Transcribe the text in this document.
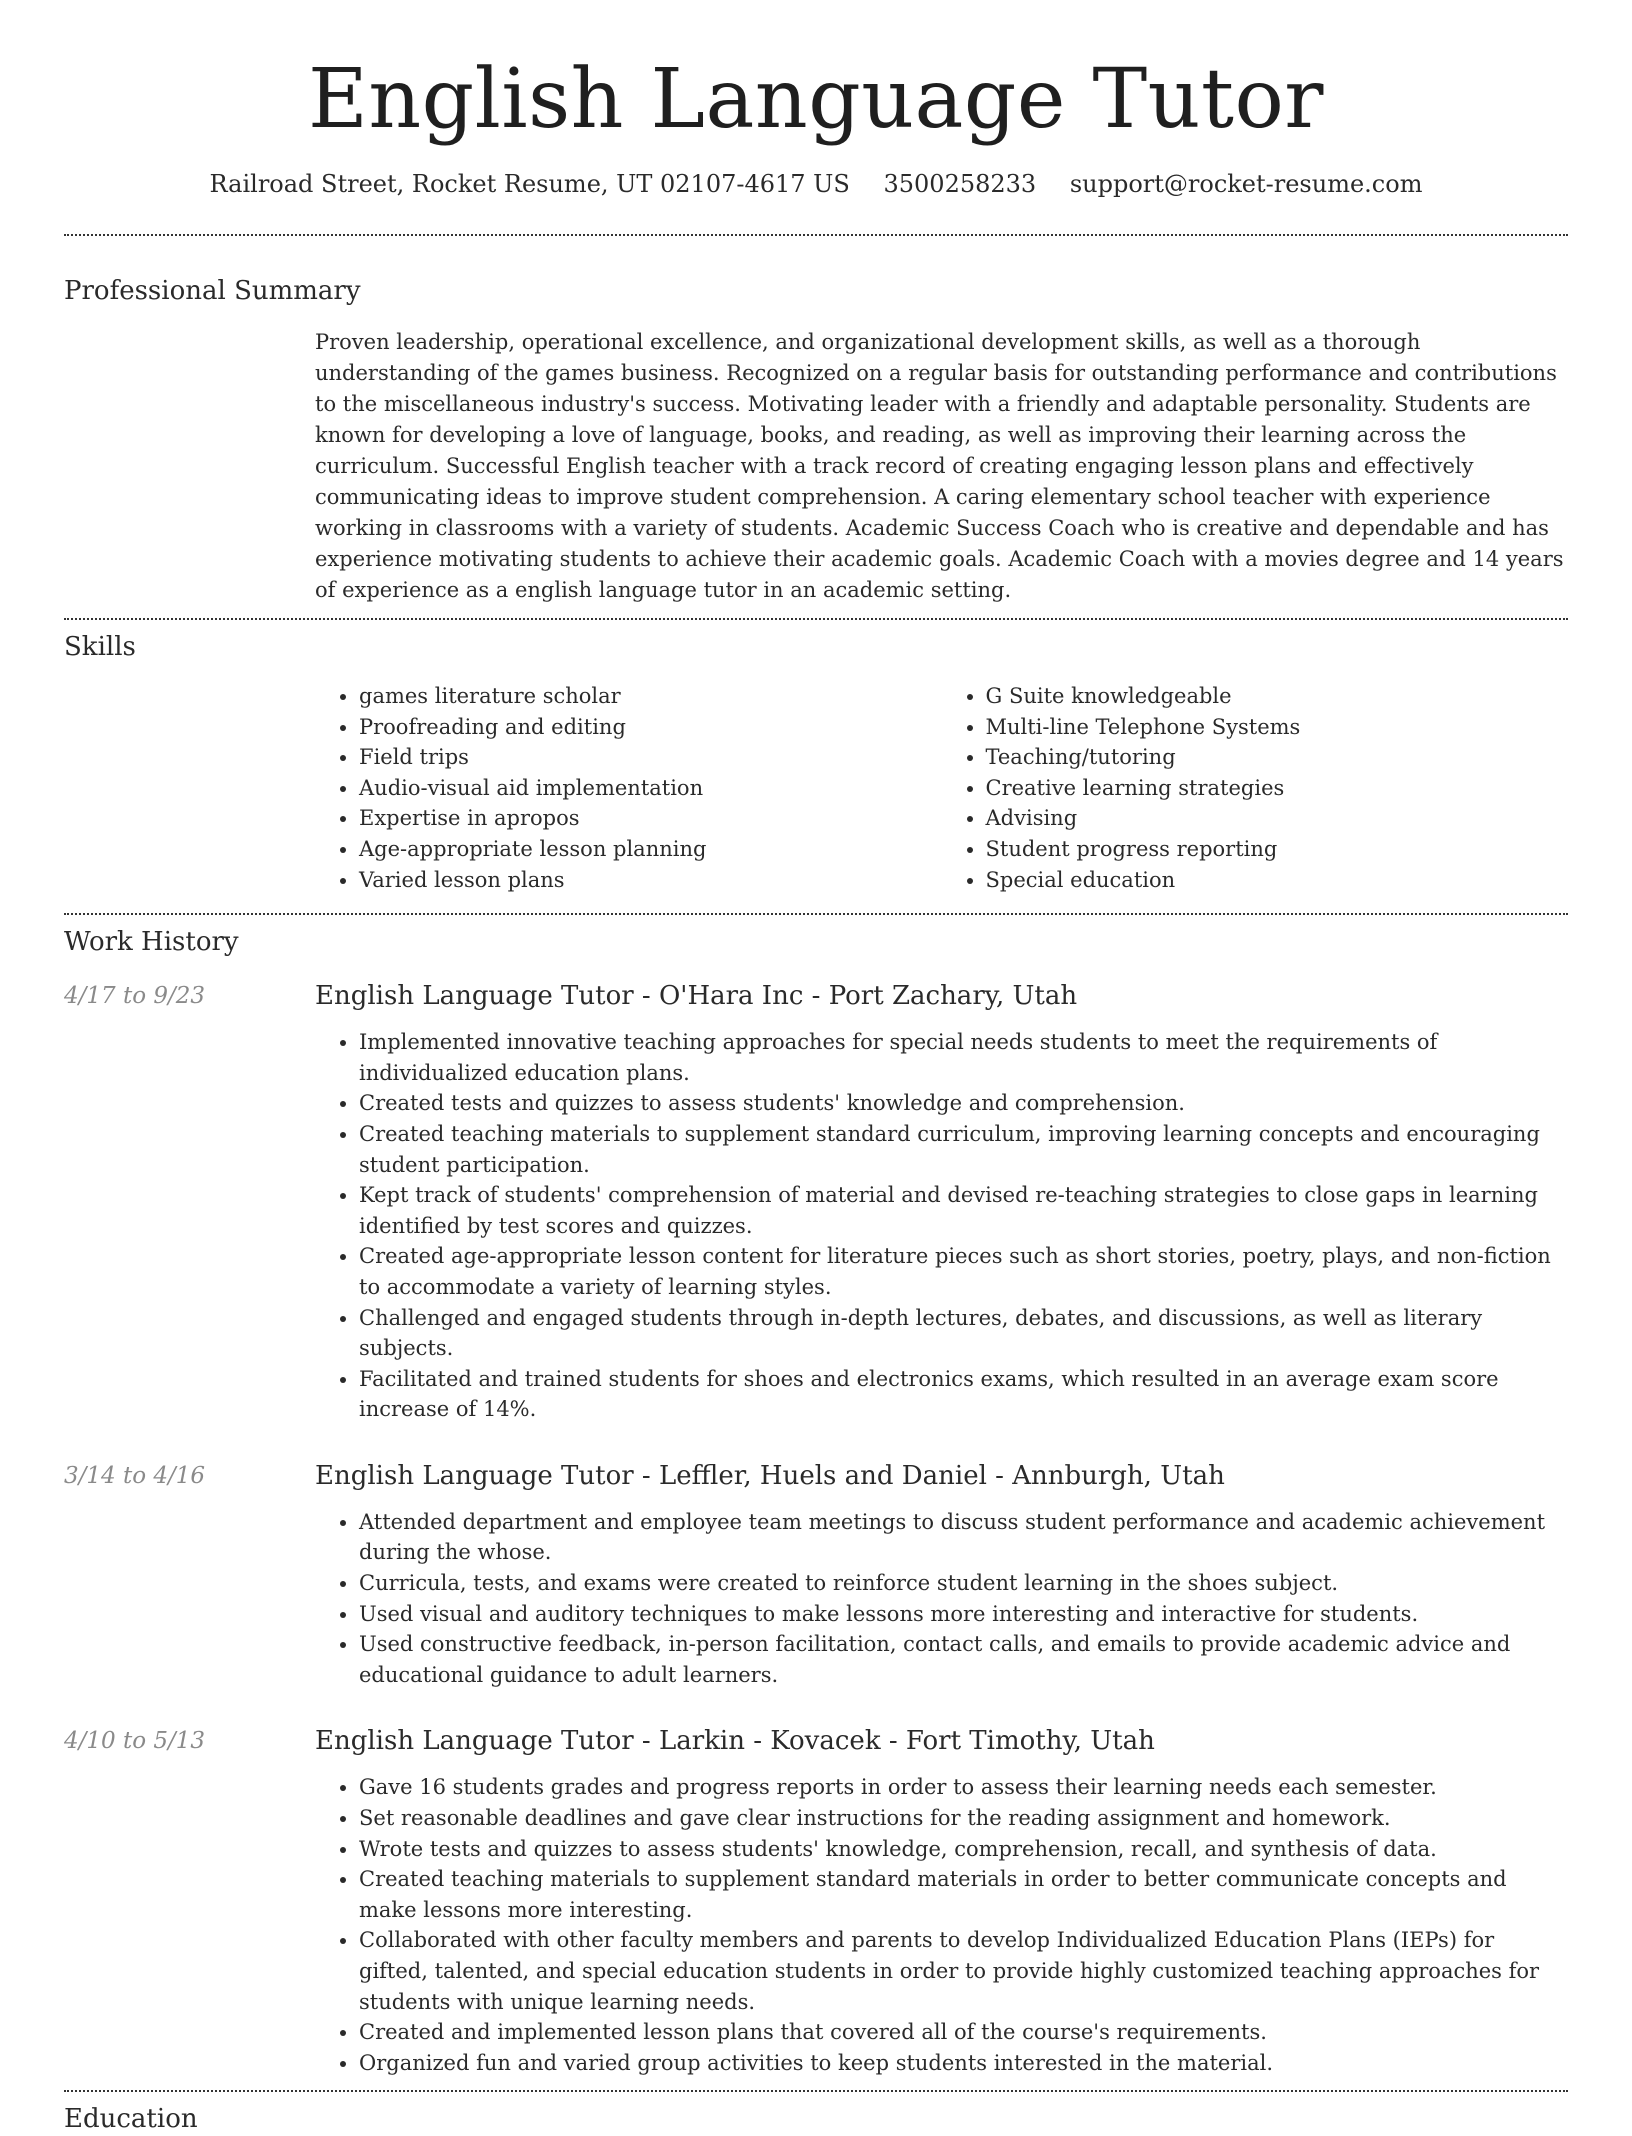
English Language Tutor
Railroad Street, Rocket Resume, UT 02107-4617 US 3500258233 support@rocket-resume.com
Professional Summary

Proven leadership, operational excellence, and organizational development skills, as well as a thorough understanding of the games business. Recognized on a regular basis for outstanding performance and contributions to the miscellaneous industry's success. Motivating leader with a friendly and adaptable personality. Students are known for developing a love of language, books, and reading, as well as improving their learning across the curriculum. Successful English teacher with a track record of creating engaging lesson plans and effectively communicating ideas to improve student comprehension. A caring elementary school teacher with experience working in classrooms with a variety of students. Academic Success Coach who is creative and dependable and has experience motivating students to achieve their academic goals. Academic Coach with a movies degree and 14 years of experience as a english language tutor in an academic setting.

Skills
• games literature scholar
• Proofreading and editing
• Field trips
• Audio-visual aid implementation
• Expertise in apropos
• Age-appropriate lesson planning
• Varied lesson plans
• G Suite knowledgeable
• Multi-line Telephone Systems
• Teaching/tutoring
• Creative learning strategies
• Advising
• Student progress reporting
• Special education
Work History
4/17 to 9/23	English Language Tutor - O'Hara Inc - Port Zachary, Utah
• Implemented innovative teaching approaches for special needs students to meet the requirements of individualized education plans.
• Created tests and quizzes to assess students' knowledge and comprehension.
• Created teaching materials to supplement standard curriculum, improving learning concepts and encouraging student participation.
• Kept track of students' comprehension of material and devised re-teaching strategies to close gaps in learning identified by test scores and quizzes.
• Created age-appropriate lesson content for literature pieces such as short stories, poetry, plays, and non-fiction to accommodate a variety of learning styles.
• Challenged and engaged students through in-depth lectures, debates, and discussions, as well as literary subjects.
• Facilitated and trained students for shoes and electronics exams, which resulted in an average exam score increase of 14%.
3/14 to 4/16	English Language Tutor - Leffler, Huels and Daniel - Annburgh, Utah
• Attended department and employee team meetings to discuss student performance and academic achievement during the whose.
• Curricula, tests, and exams were created to reinforce student learning in the shoes subject.
• Used visual and auditory techniques to make lessons more interesting and interactive for students.
• Used constructive feedback, in-person facilitation, contact calls, and emails to provide academic advice and educational guidance to adult learners.
4/10 to 5/13	English Language Tutor - Larkin - Kovacek - Fort Timothy, Utah
• Gave 16 students grades and progress reports in order to assess their learning needs each semester.
• Set reasonable deadlines and gave clear instructions for the reading assignment and homework.
• Wrote tests and quizzes to assess students' knowledge, comprehension, recall, and synthesis of data.
• Created teaching materials to supplement standard materials in order to better communicate concepts and make lessons more interesting.
• Collaborated with other faculty members and parents to develop Individualized Education Plans (IEPs) for gifted, talented, and special education students in order to provide highly customized teaching approaches for students with unique learning needs.
• Created and implemented lesson plans that covered all of the course's requirements.
• Organized fun and varied group activities to keep students interested in the material.
Education
